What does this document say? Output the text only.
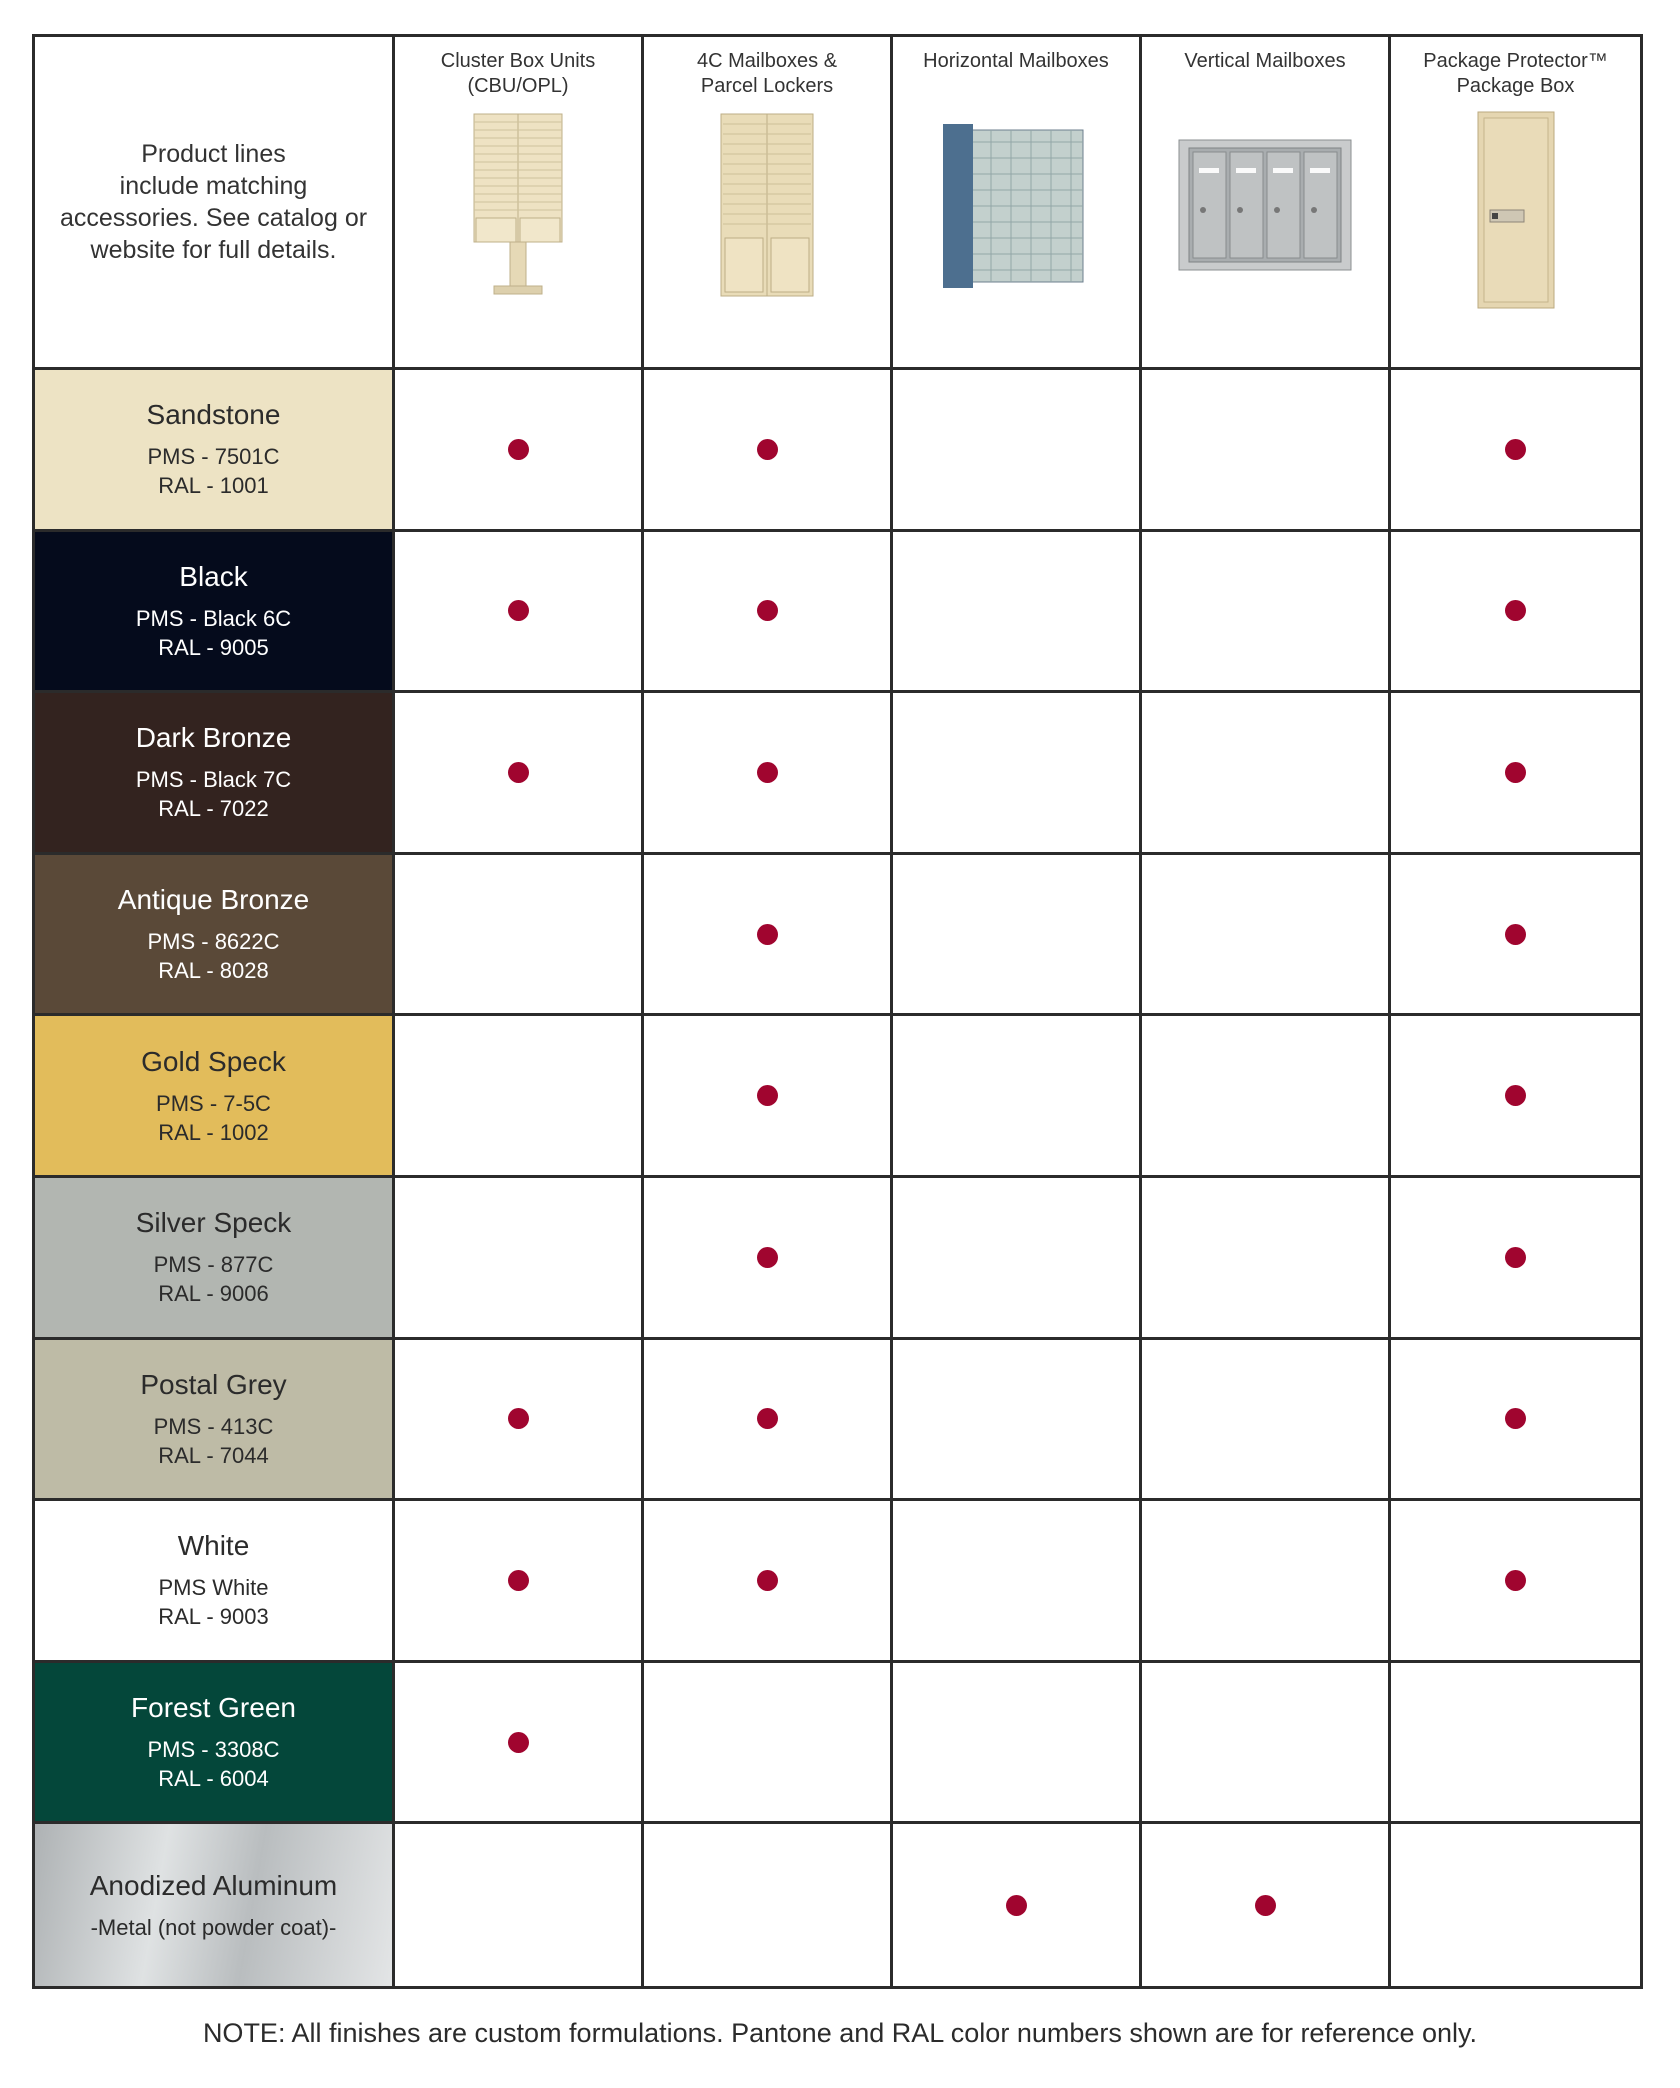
Product lines
include matching
accessories. See catalog or
website for full details.
Cluster Box Units
(CBU/OPL)
4C Mailboxes &
Parcel Lockers
Horizontal Mailboxes	Vertical Mailboxes	Package Protector™
Package Box
Sandstone
PMS - 7501C
RAL - 1001
Black
PMS - Black 6C
RAL - 9005
Dark Bronze
PMS - Black 7C
RAL - 7022
Antique Bronze
PMS - 8622C
RAL - 8028
Gold Speck
PMS - 7-5C
RAL - 1002
Silver Speck
PMS - 877C
RAL - 9006
Postal Grey
PMS - 413C
RAL - 7044
White
PMS White
RAL - 9003
Forest Green
PMS - 3308C
RAL - 6004
Anodized Aluminum
-Metal (not powder coat)-
NOTE: All finishes are custom formulations. Pantone and RAL color numbers shown are for reference only.
